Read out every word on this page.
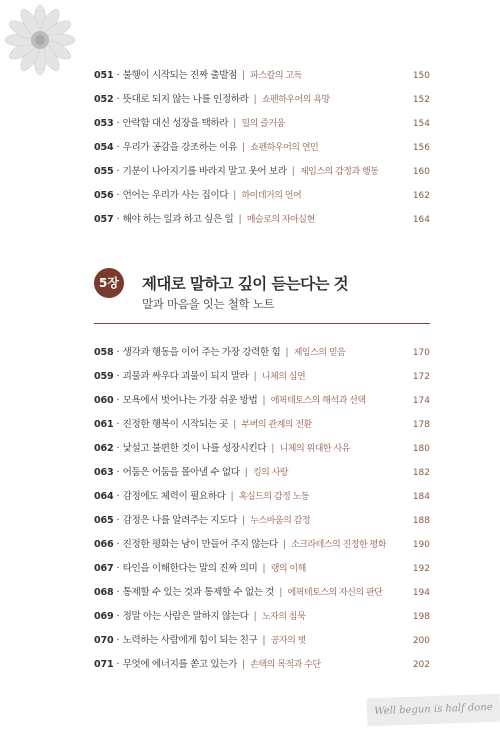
051 · 불행이 시작되는 진짜 출발점 | 파스칼의 고독	150
052 · 뜻대로 되지 않는 나를 인정하라 | 쇼펜하우어의 욕망	152
053 · 안락함 대신 성장을 택하라 | 밀의 즐거움	154
054 · 우리가 공감을 강조하는 이유 | 쇼펜하우어의 연민	156
055 · 기분이 나아지기를 바라지 말고 웃어 보라 | 제임스의 감정과 행동	160
056 · 언어는 우리가 사는 집이다 | 하이데거의 언어	162
057 · 해야 하는 일과 하고 싶은 일 | 매슬로의 자아실현	164
5장	제대로 말하고 깊이 듣는다는 것
말과 마음을 잇는 철학 노트
058 · 생각과 행동을 이어 주는 가장 강력한 힘 | 제임스의 믿음	170
059 · 괴물과 싸우다 괴물이 되지 말라 | 니체의 심연	172
060 · 모욕에서 벗어나는 가장 쉬운 방법 | 에픽테토스의 해석과 선택	174
061 · 진정한 행복이 시작되는 곳 | 부버의 관계의 전환	178
062 · 낯설고 불편한 것이 나를 성장시킨다 | 니체의 위대한 사유	180
063 · 어둠은 어둠을 몰아낼 수 없다 | 킹의 사랑	182
064 · 감정에도 체력이 필요하다 | 혹실드의 감정 노동	184
065 · 감정은 나를 알려주는 지도다 | 누스바움의 감정	188
066 · 진정한 평화는 남이 만들어 주지 않는다 | 소크라테스의 진정한 평화	190
067 · 타인을 이해한다는 말의 진짜 의미 | 랭의 이해	192
068 · 통제할 수 있는 것과 통제할 수 없는 것 | 에픽테토스의 자신의 판단	194
069 · 정말 아는 사람은 말하지 않는다 | 노자의 침묵	198
070 · 노력하는 사람에게 힘이 되는 친구 | 공자의 벗	200
071 · 무엇에 에너지를 쏟고 있는가 | 손택의 목적과 수단	202
Well begun is half done
